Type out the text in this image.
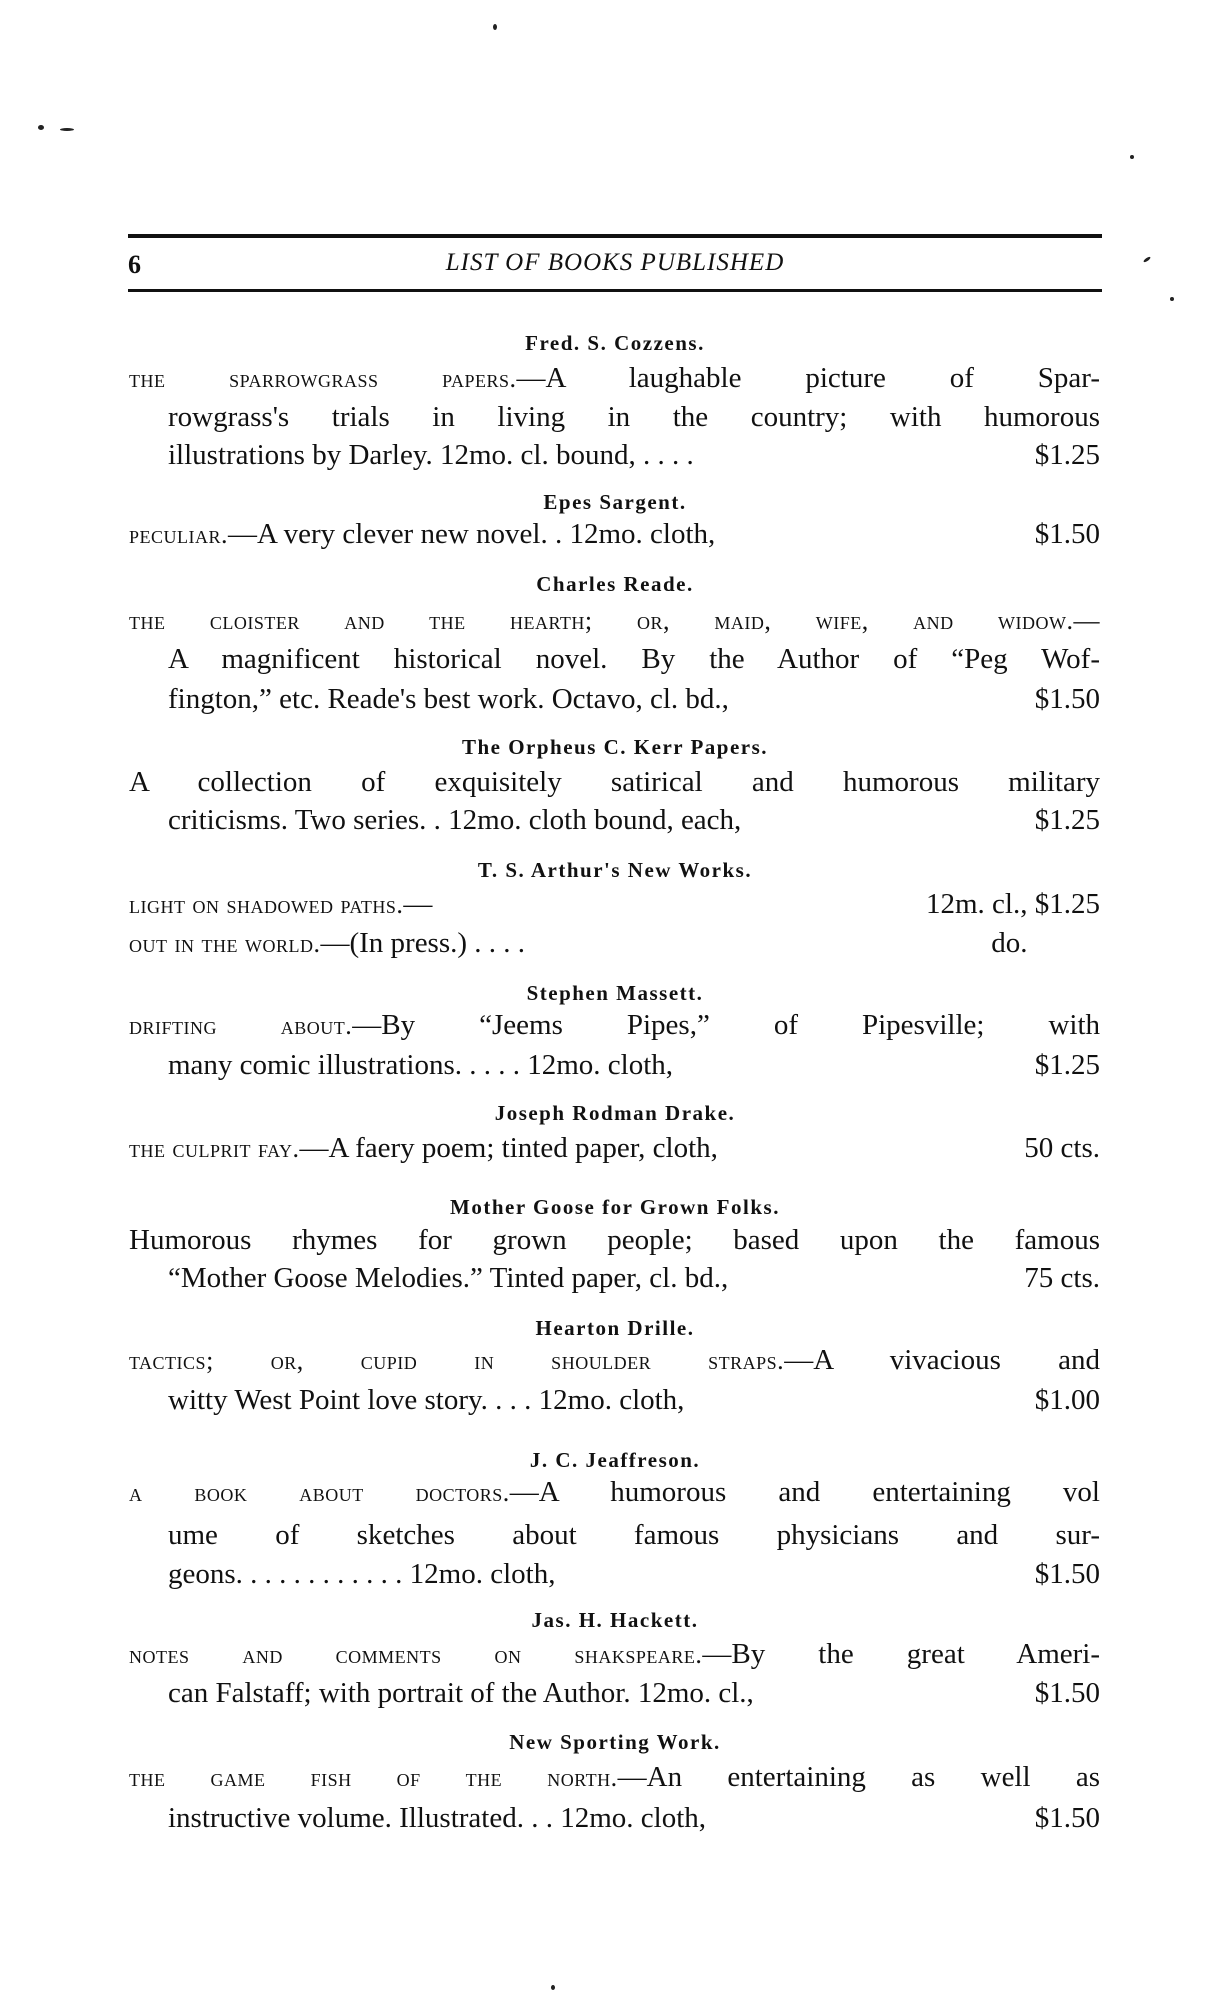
6	LIST OF BOOKS PUBLISHED
Fred. S. Cozzens.
the sparrowgrass papers.—A laughable picture of Spar-
rowgrass's trials in living in the country; with humorous
illustrations by Darley. 12mo. cl. bound, . . . .	$1.25
Epes Sargent.
peculiar.—A very clever new novel. . 12mo. cloth,	$1.50
Charles Reade.
the cloister and the hearth; or, maid, wife, and widow.—
A magnificent historical novel. By the Author of “Peg Wof-
fington,” etc. Reade's best work. Octavo, cl. bd.,	$1.50
The Orpheus C. Kerr Papers.
A collection of exquisitely satirical and humorous military
criticisms. Two series. . 12mo. cloth bound, each,	$1.25
T. S. Arthur's New Works.
light on shadowed paths.—	12m. cl., $1.25
out in the world.—(In press.) . . . .	do.
Stephen Massett.
drifting about.—By “Jeems Pipes,” of Pipesville; with
many comic illustrations. . . . . 12mo. cloth,	$1.25
Joseph Rodman Drake.
the culprit fay.—A faery poem; tinted paper, cloth,	50 cts.
Mother Goose for Grown Folks.
Humorous rhymes for grown people; based upon the famous
“Mother Goose Melodies.” Tinted paper, cl. bd.,	75 cts.
Hearton Drille.
tactics; or, cupid in shoulder straps.—A vivacious and
witty West Point love story. . . . 12mo. cloth,	$1.00
J. C. Jeaffreson.
a book about doctors.—A humorous and entertaining vol
ume of sketches about famous physicians and sur-
geons. . . . . . . . . . . . 12mo. cloth,	$1.50
Jas. H. Hackett.
notes and comments on shakspeare.—By the great Ameri-
can Falstaff; with portrait of the Author. 12mo. cl.,	$1.50
New Sporting Work.
the game fish of the north.—An entertaining as well as
instructive volume. Illustrated. . . 12mo. cloth,	$1.50
